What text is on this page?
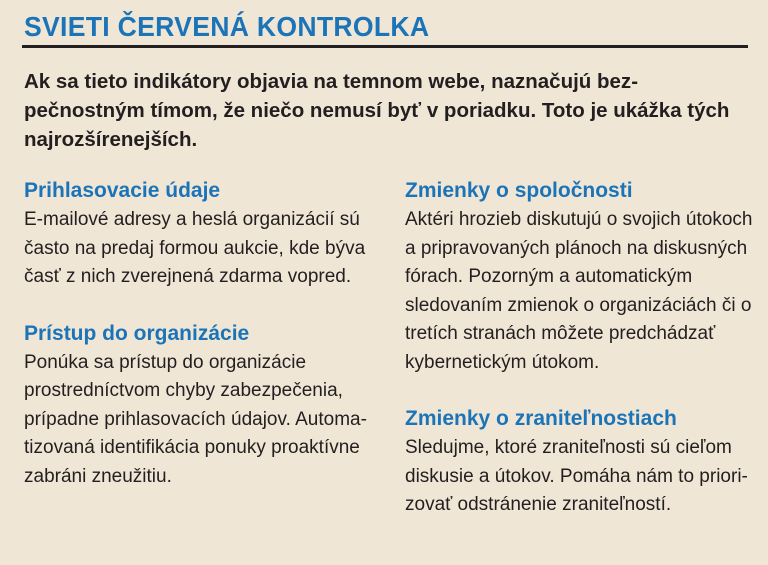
SVIETI ČERVENÁ KONTROLKA

Ak sa tieto indikátory objavia na temnom webe, naznačujú bezpečnostným tímom, že niečo nemusí byť v poriadku. Toto je ukážka tých najrozšírenejších.

Prihlasovacie údaje

E-mailové adresy a heslá organizácií sú často na predaj formou aukcie, kde býva časť z nich zverejnená zdarma vopred.

Prístup do organizácie

Ponúka sa prístup do organizácie prostredníctvom chyby zabezpečenia, prípadne prihlasovacích údajov. Automatizovaná identifikácia ponuky proaktívne zabráni zneužitiu.

Zmienky o spoločnosti

Aktéri hrozieb diskutujú o svojich útokoch a pripravovaných plánoch na diskusných fórach. Pozorným a automatickým sledovaním zmienok o organizáciách či o tretích stranách môžete predchádzať kybernetickým útokom.

Zmienky o zraniteľnostiach

Sledujme, ktoré zraniteľnosti sú cieľom diskusie a útokov. Pomáha nám to priorizovať odstránenie zraniteľností.
